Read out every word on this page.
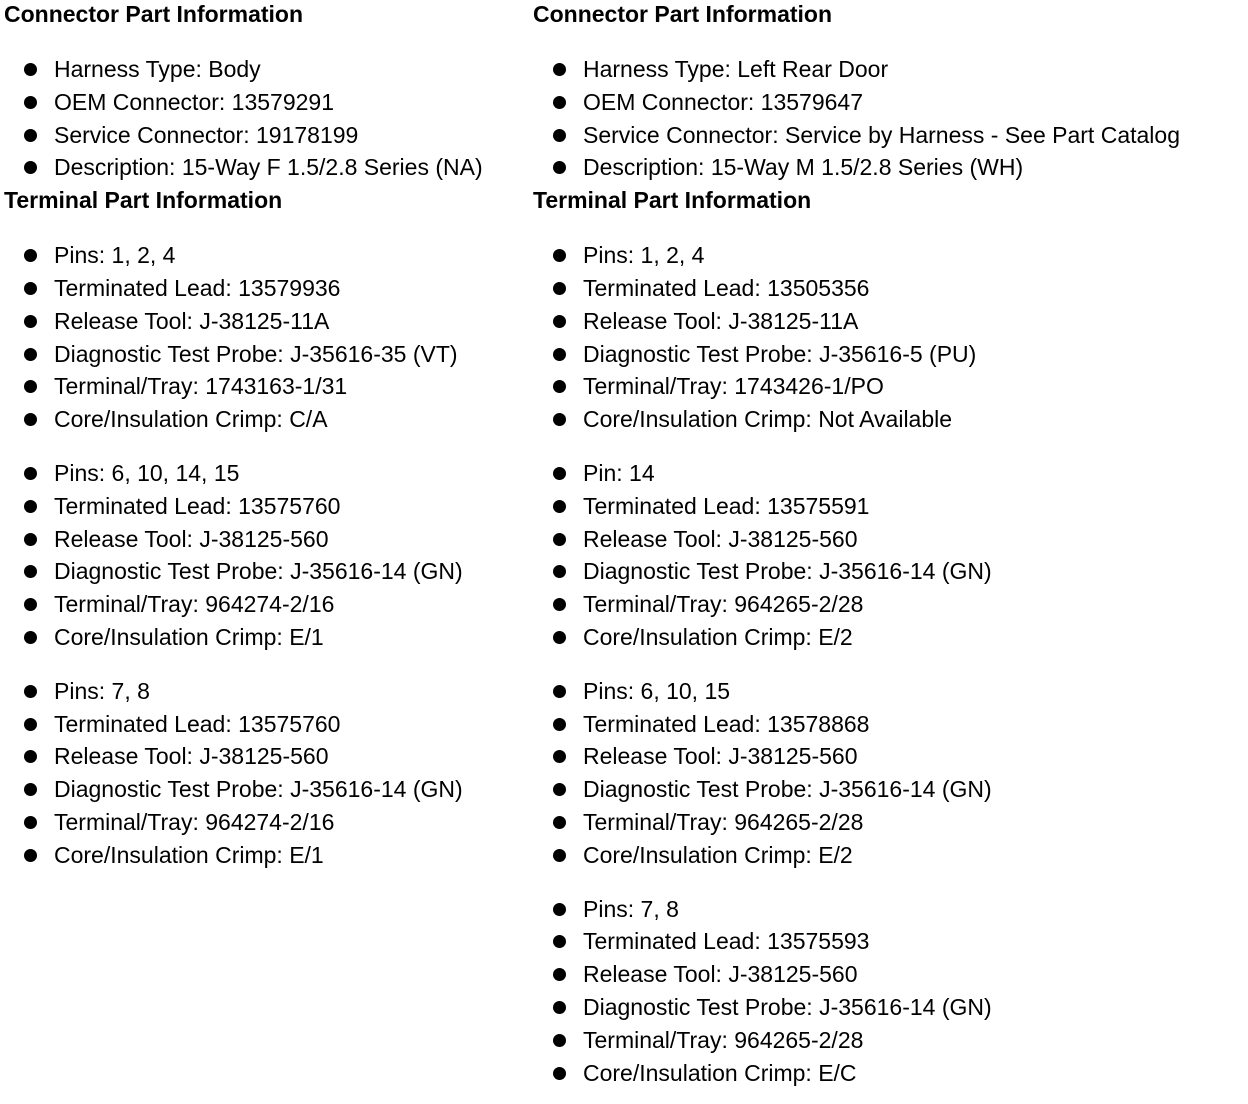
Connector Part Information
Harness Type: Body
OEM Connector: 13579291
Service Connector: 19178199
Description: 15-Way F 1.5/2.8 Series (NA)
Terminal Part Information
Pins: 1, 2, 4
Terminated Lead: 13579936
Release Tool: J-38125-11A
Diagnostic Test Probe: J-35616-35 (VT)
Terminal/Tray: 1743163-1/31
Core/Insulation Crimp: C/A
Pins: 6, 10, 14, 15
Terminated Lead: 13575760
Release Tool: J-38125-560
Diagnostic Test Probe: J-35616-14 (GN)
Terminal/Tray: 964274-2/16
Core/Insulation Crimp: E/1
Pins: 7, 8
Terminated Lead: 13575760
Release Tool: J-38125-560
Diagnostic Test Probe: J-35616-14 (GN)
Terminal/Tray: 964274-2/16
Core/Insulation Crimp: E/1
Connector Part Information
Harness Type: Left Rear Door
OEM Connector: 13579647
Service Connector: Service by Harness - See Part Catalog
Description: 15-Way M 1.5/2.8 Series (WH)
Terminal Part Information
Pins: 1, 2, 4
Terminated Lead: 13505356
Release Tool: J-38125-11A
Diagnostic Test Probe: J-35616-5 (PU)
Terminal/Tray: 1743426-1/PO
Core/Insulation Crimp: Not Available
Pin: 14
Terminated Lead: 13575591
Release Tool: J-38125-560
Diagnostic Test Probe: J-35616-14 (GN)
Terminal/Tray: 964265-2/28
Core/Insulation Crimp: E/2
Pins: 6, 10, 15
Terminated Lead: 13578868
Release Tool: J-38125-560
Diagnostic Test Probe: J-35616-14 (GN)
Terminal/Tray: 964265-2/28
Core/Insulation Crimp: E/2
Pins: 7, 8
Terminated Lead: 13575593
Release Tool: J-38125-560
Diagnostic Test Probe: J-35616-14 (GN)
Terminal/Tray: 964265-2/28
Core/Insulation Crimp: E/C
